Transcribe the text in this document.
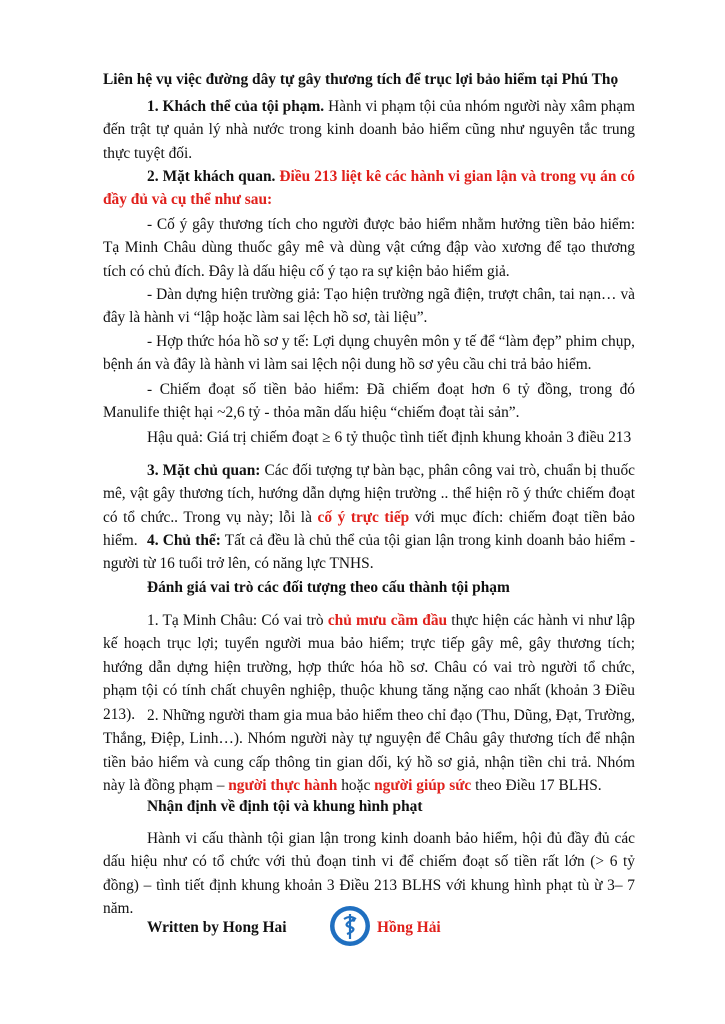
Liên hệ vụ việc đường dây tự gây thương tích để trục lợi bảo hiểm tại Phú Thọ

1. Khách thể của tội phạm. Hành vi phạm tội của nhóm người này xâm phạm đến trật tự quản lý nhà nước trong kinh doanh bảo hiểm cũng như nguyên tắc trung thực tuyệt đối.

2. Mặt khách quan. Điều 213 liệt kê các hành vi gian lận và trong vụ án có đầy đủ và cụ thể như sau:

- Cố ý gây thương tích cho người được bảo hiểm nhằm hưởng tiền bảo hiểm: Tạ Minh Châu dùng thuốc gây mê và dùng vật cứng đập vào xương để tạo thương tích có chủ đích. Đây là dấu hiệu cố ý tạo ra sự kiện bảo hiểm giả.

- Dàn dựng hiện trường giả: Tạo hiện trường ngã điện, trượt chân, tai nạn… và đây là hành vi “lập hoặc làm sai lệch hồ sơ, tài liệu”.

- Hợp thức hóa hồ sơ y tế: Lợi dụng chuyên môn y tế để “làm đẹp” phim chụp, bệnh án và đây là hành vi làm sai lệch nội dung hồ sơ yêu cầu chi trả bảo hiểm.

- Chiếm đoạt số tiền bảo hiểm: Đã chiếm đoạt hơn 6 tỷ đồng, trong đó Manulife thiệt hại ~2,6 tỷ - thỏa mãn dấu hiệu “chiếm đoạt tài sản”.

Hậu quả: Giá trị chiếm đoạt ≥ 6 tỷ thuộc tình tiết định khung khoản 3 điều 213

3. Mặt chủ quan: Các đối tượng tự bàn bạc, phân công vai trò, chuẩn bị thuốc mê, vật gây thương tích, hướng dẫn dựng hiện trường .. thể hiện rõ ý thức chiếm đoạt có tổ chức.. Trong vụ này; lỗi là cố ý trực tiếp với mục đích: chiếm đoạt tiền bảo hiểm. 4. Chủ thể: Tất cả đều là chủ thể của tội gian lận trong kinh doanh bảo hiểm - người từ 16 tuổi trở lên, có năng lực TNHS.

Đánh giá vai trò các đối tượng theo cấu thành tội phạm

1. Tạ Minh Châu: Có vai trò chủ mưu cầm đầu thực hiện các hành vi như lập kế hoạch trục lợi; tuyển người mua bảo hiểm; trực tiếp gây mê, gây thương tích; hướng dẫn dựng hiện trường, hợp thức hóa hồ sơ. Châu có vai trò người tổ chức, phạm tội có tính chất chuyên nghiệp, thuộc khung tăng nặng cao nhất (khoản 3 Điều 213). 2. Những người tham gia mua bảo hiểm theo chỉ đạo (Thu, Dũng, Đạt, Trường, Thắng, Điệp, Linh…). Nhóm người này tự nguyện để Châu gây thương tích để nhận tiền bảo hiểm và cung cấp thông tin gian dối, ký hồ sơ giả, nhận tiền chi trả. Nhóm này là đồng phạm – người thực hành hoặc người giúp sức theo Điều 17 BLHS.

Nhận định về định tội và khung hình phạt

Hành vi cấu thành tội gian lận trong kinh doanh bảo hiểm, hội đủ đầy đủ các dấu hiệu như có tổ chức với thủ đoạn tinh vi để chiếm đoạt số tiền rất lớn (> 6 tỷ đồng) – tình tiết định khung khoản 3 Điều 213 BLHS với khung hình phạt tù ừ 3– 7 năm.

Written by Hong Hai	Hồng Hải
